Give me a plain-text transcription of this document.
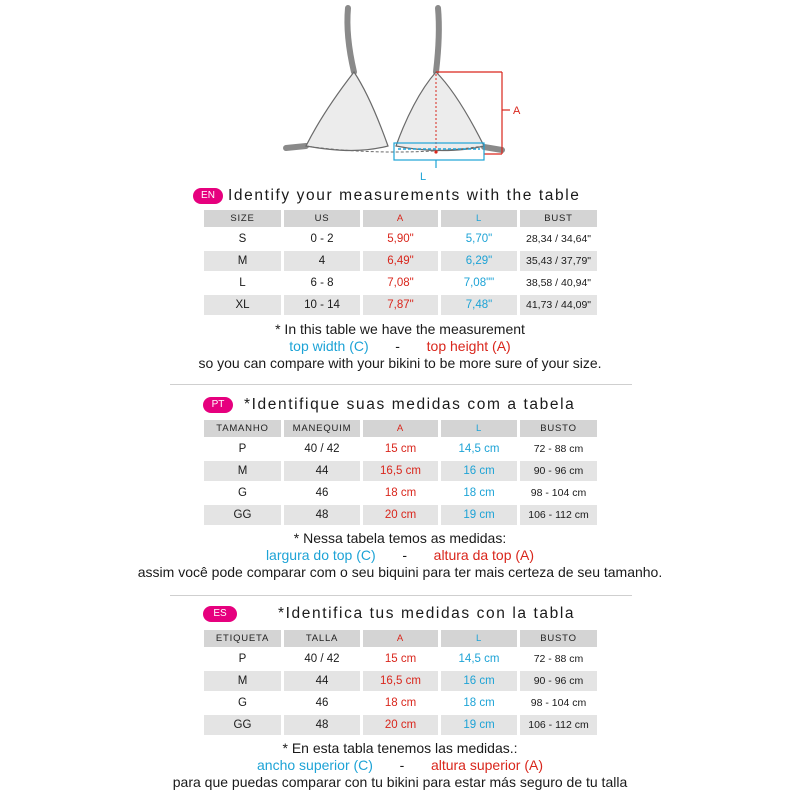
A
L
EN Identify your measurements with the table
SIZE	US	A	L	BUST
S	0 - 2	5,90"	5,70"	28,34 / 34,64"
M	4	6,49"	6,29"	35,43 / 37,79"
L	6 - 8	7,08"	7,08""	38,58 / 40,94"
XL	10 - 14	7,87"	7,48"	41,73 / 44,09"
* In this table we have the measurement
top width (C) - top height (A)
so you can compare with your bikini to be more sure of your size.
PT	*Identifique suas medidas com a tabela
TAMANHO	MANEQUIM	A	L	BUSTO
P	40 / 42	15 cm	14,5 cm	72 - 88 cm
M	44	16,5 cm	16 cm	90 - 96 cm
G	46	18 cm	18 cm	98 - 104 cm
GG	48	20 cm	19 cm	106 - 112 cm
* Nessa tabela temos as medidas:
largura do top (C) - altura da top (A)
assim você pode comparar com o seu biquini para ter mais certeza de seu tamanho.
ES	*Identifica tus medidas con la tabla
ETIQUETA	TALLA	A	L	BUSTO
P	40 / 42	15 cm	14,5 cm	72 - 88 cm
M	44	16,5 cm	16 cm	90 - 96 cm
G	46	18 cm	18 cm	98 - 104 cm
GG	48	20 cm	19 cm	106 - 112 cm
* En esta tabla tenemos las medidas.:
ancho superior (C) - altura superior (A)
para que puedas comparar con tu bikini para estar más seguro de tu talla
